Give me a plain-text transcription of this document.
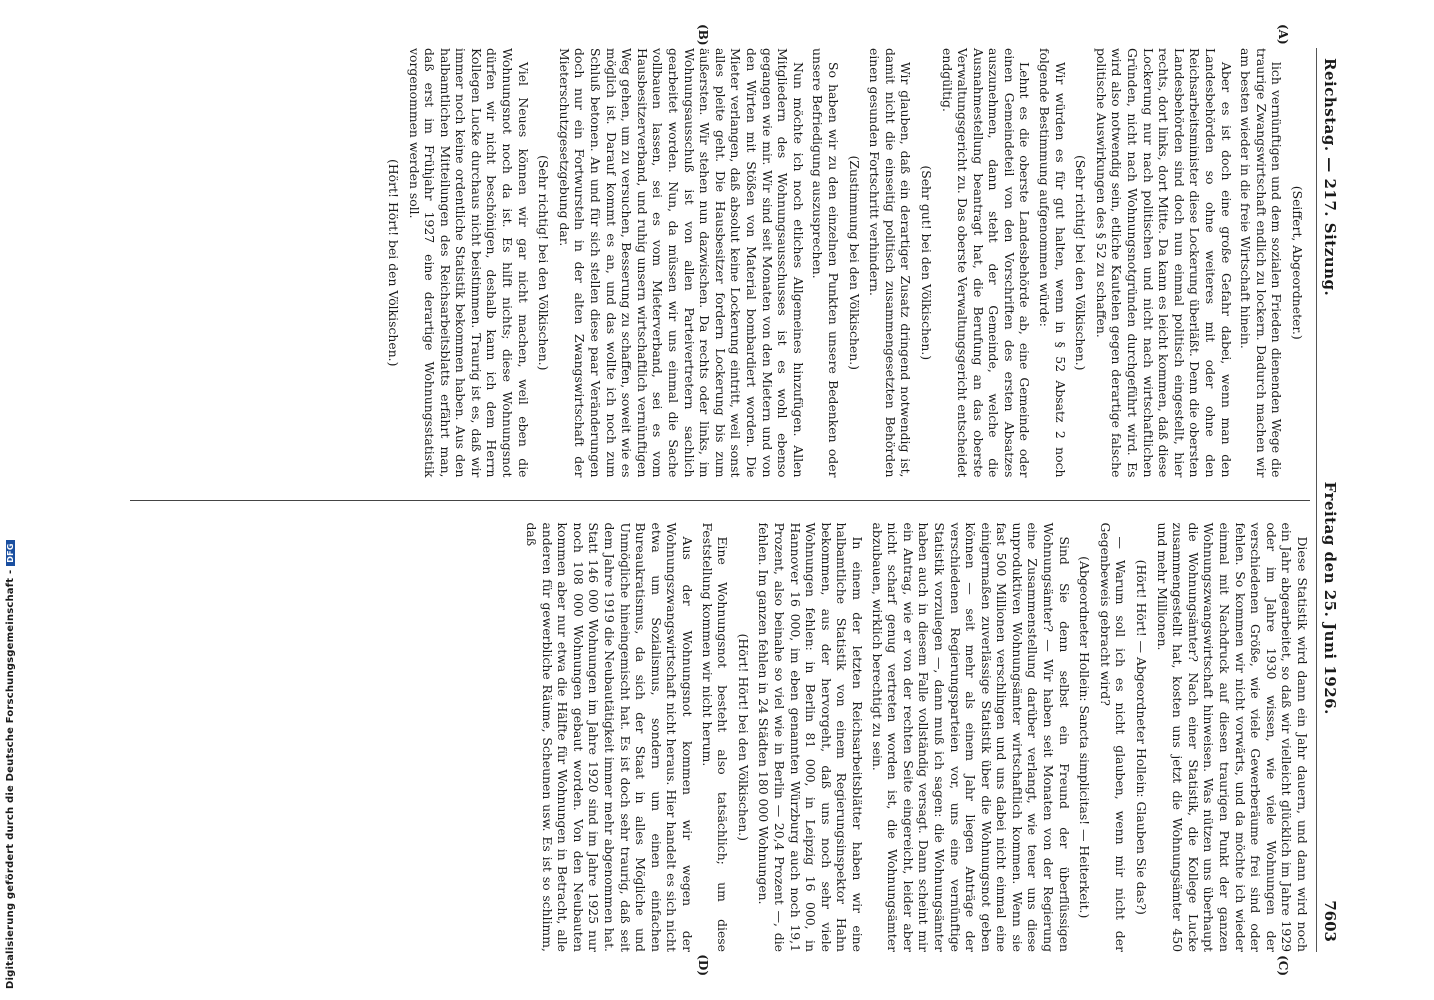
Digitalisierung gefördert durch die Deutsche Forschungsgemeinschaft -
DFG
Reichstag. — 217. Sitzung.
Freitag den 25. Juni 1926.
7603
(A)
(B)

(Seiffert, Abgeordneter.)

lich vernünftigen und dem sozialen Frieden dienenden Wege die traurige Zwangswirtschaft endlich zu lockern. Dadurch machen wir am besten wieder in die freie Wirtschaft hinein.

Aber es ist doch eine große Gefahr dabei, wenn man den Landesbehörden so ohne weiteres mit oder ohne den Reichsarbeitsminister diese Lockerung überläßt. Denn die obersten Landesbehörden sind doch nun einmal politisch eingestellt, hier rechts, dort links, dort Mitte. Da kann es leicht kommen, daß diese Lockerung nur nach politischen und nicht nach wirtschaftlichen Gründen, nicht nach Wohnungsnotgründen durchgeführt wird. Es wird also notwendig sein, etliche Kautelen gegen derartige falsche politische Auswirkungen des § 52 zu schaffen.

(Sehr richtig! bei den Völkischen.)

Wir würden es für gut halten, wenn in § 52 Absatz 2 noch folgende Bestimmung aufgenommen würde:

Lehnt es die oberste Landesbehörde ab, eine Gemeinde oder einen Gemeindeteil von den Vorschriften des ersten Absatzes auszunehmen, dann steht der Gemeinde, welche die Ausnahmestellung beantragt hat, die Berufung an das oberste Verwaltungsgericht zu. Das oberste Verwaltungsgericht entscheidet endgültig.

(Sehr gut! bei den Völkischen.)

Wir glauben, daß ein derartiger Zusatz dringend notwendig ist, damit nicht die einseitig politisch zusammengesetzten Behörden einen gesunden Fortschritt verhindern.

(Zustimmung bei den Völkischen.)

So haben wir zu den einzelnen Punkten unsere Bedenken oder unsere Befriedigung auszusprechen.

Nun möchte ich noch etliches Allgemeines hinzufügen. Allen Mitgliedern des Wohnungsausschusses ist es wohl ebenso gegangen wie mir. Wir sind seit Monaten von den Mietern und von den Wirten mit Stößen von Material bombardiert worden. Die Mieter verlangen, daß absolut keine Lockerung eintritt, weil sonst alles pleite geht. Die Hausbesitzer fordern Lockerung bis zum äußersten. Wir stehen nun dazwischen. Da rechts oder links, im Wohnungsausschuß ist von allen Parteivertretern sachlich gearbeitet worden. Nun, da müssen wir uns einmal die Sache vollbauen lassen, sei es vom Mieterverband, sei es vom Hausbesitzerverband, und ruhig unsern wirtschaftlich vernünftigen Weg gehen, um zu versuchen, Besserung zu schaffen, soweit wie es möglich ist. Darauf kommt es an, und das wollte ich noch zum Schluß betonen. An und für sich stellen diese paar Veränderungen doch nur ein Fortwursteln in der alten Zwangswirtschaft der Mieterschutzgesetzgebung dar.

(Sehr richtig! bei den Völkischen.)

Viel Neues können wir gar nicht machen, weil eben die Wohnungsnot noch da ist. Es hilft nichts; diese Wohnungsnot dürfen wir nicht beschönigen, deshalb kann ich dem Herrn Kollegen Lucke durchaus nicht beistimmen. Traurig ist es, daß wir immer noch keine ordentliche Statistik bekommen haben. Aus den halbamtlichen Mitteilungen des Reichsarbeitsblatts erfährt man, daß erst im Frühjahr 1927 eine derartige Wohnungsstatistik vorgenommen werden soll.

(Hört! Hört! bei den Völkischen.)

(C)
(D)

Diese Statistik wird dann ein Jahr dauern, und dann wird noch ein Jahr abgearbeitet, so daß wir vielleicht glücklich im Jahre 1929 oder im Jahre 1930 wissen, wie viele Wohnungen der verschiedenen Größe, wie viele Gewerberäume frei sind oder fehlen. So kommen wir nicht vorwärts, und da möchte ich wieder einmal mit Nachdruck auf diesen traurigen Punkt der ganzen Wohnungszwangswirtschaft hinweisen. Was nützen uns überhaupt die Wohnungsämter? Nach einer Statistik, die Kollege Lucke zusammengestellt hat, kosten uns jetzt die Wohnungsämter 450 und mehr Millionen.

(Hört! Hört! — Abgeordneter Hollein: Glauben Sie das?)

— Warum soll ich es nicht glauben, wenn mir nicht der Gegenbeweis gebracht wird?

(Abgeordneter Hollein: Sancta simplicitas! — Heiterkeit.)

Sind Sie denn selbst ein Freund der überflüssigen Wohnungsämter? — Wir haben seit Monaten von der Regierung eine Zusammenstellung darüber verlangt, wie teuer uns diese unproduktiven Wohnungsämter wirtschaftlich kommen. Wenn sie fast 500 Millionen verschlingen und uns dabei nicht einmal eine einigermaßen zuverlässige Statistik über die Wohnungsnot geben können — seit mehr als einem Jahr liegen Anträge der verschiedenen Regierungsparteien vor, uns eine vernünftige Statistik vorzulegen —, dann muß ich sagen: die Wohnungsämter haben auch in diesem Falle vollständig versagt. Dann scheint mir ein Antrag, wie er von der rechten Seite eingereicht, leider aber nicht scharf genug vertreten worden ist, die Wohnungsämter abzubauen, wirklich berechtigt zu sein.

In einem der letzten Reichsarbeitsblätter haben wir eine halbamtliche Statistik von einem Regierungsinspektor Hahn bekommen, aus der hervorgeht, daß uns noch sehr viele Wohnungen fehlen: in Berlin 81 000, in Leipzig 16 000, in Hannover 16 000, im eben genannten Würzburg auch noch 19,1 Prozent, also beinahe so viel wie in Berlin — 20,4 Prozent —, die fehlen. Im ganzen fehlen in 24 Städten 180 000 Wohnungen.

(Hört! Hört! bei den Völkischen.)

Eine Wohnungsnot besteht also tatsächlich; um diese Feststellung kommen wir nicht herum.

Aus der Wohnungsnot kommen wir wegen der Wohnungszwangswirtschaft nicht heraus. Hier handelt es sich nicht etwa um Sozialismus, sondern um einen einfachen Bureaukratismus, da sich der Staat in alles Mögliche und Unmögliche hineingemischt hat. Es ist doch sehr traurig, daß seit dem Jahre 1919 die Neubautätigkeit immer mehr abgenommen hat. Statt 146 000 Wohnungen im Jahre 1920 sind im Jahre 1925 nur noch 108 000 Wohnungen gebaut worden. Von den Neubauten kommen aber nur etwa die Hälfte für Wohnungen in Betracht, alle anderen für gewerbliche Räume, Scheunen usw. Es ist so schlimm, daß
